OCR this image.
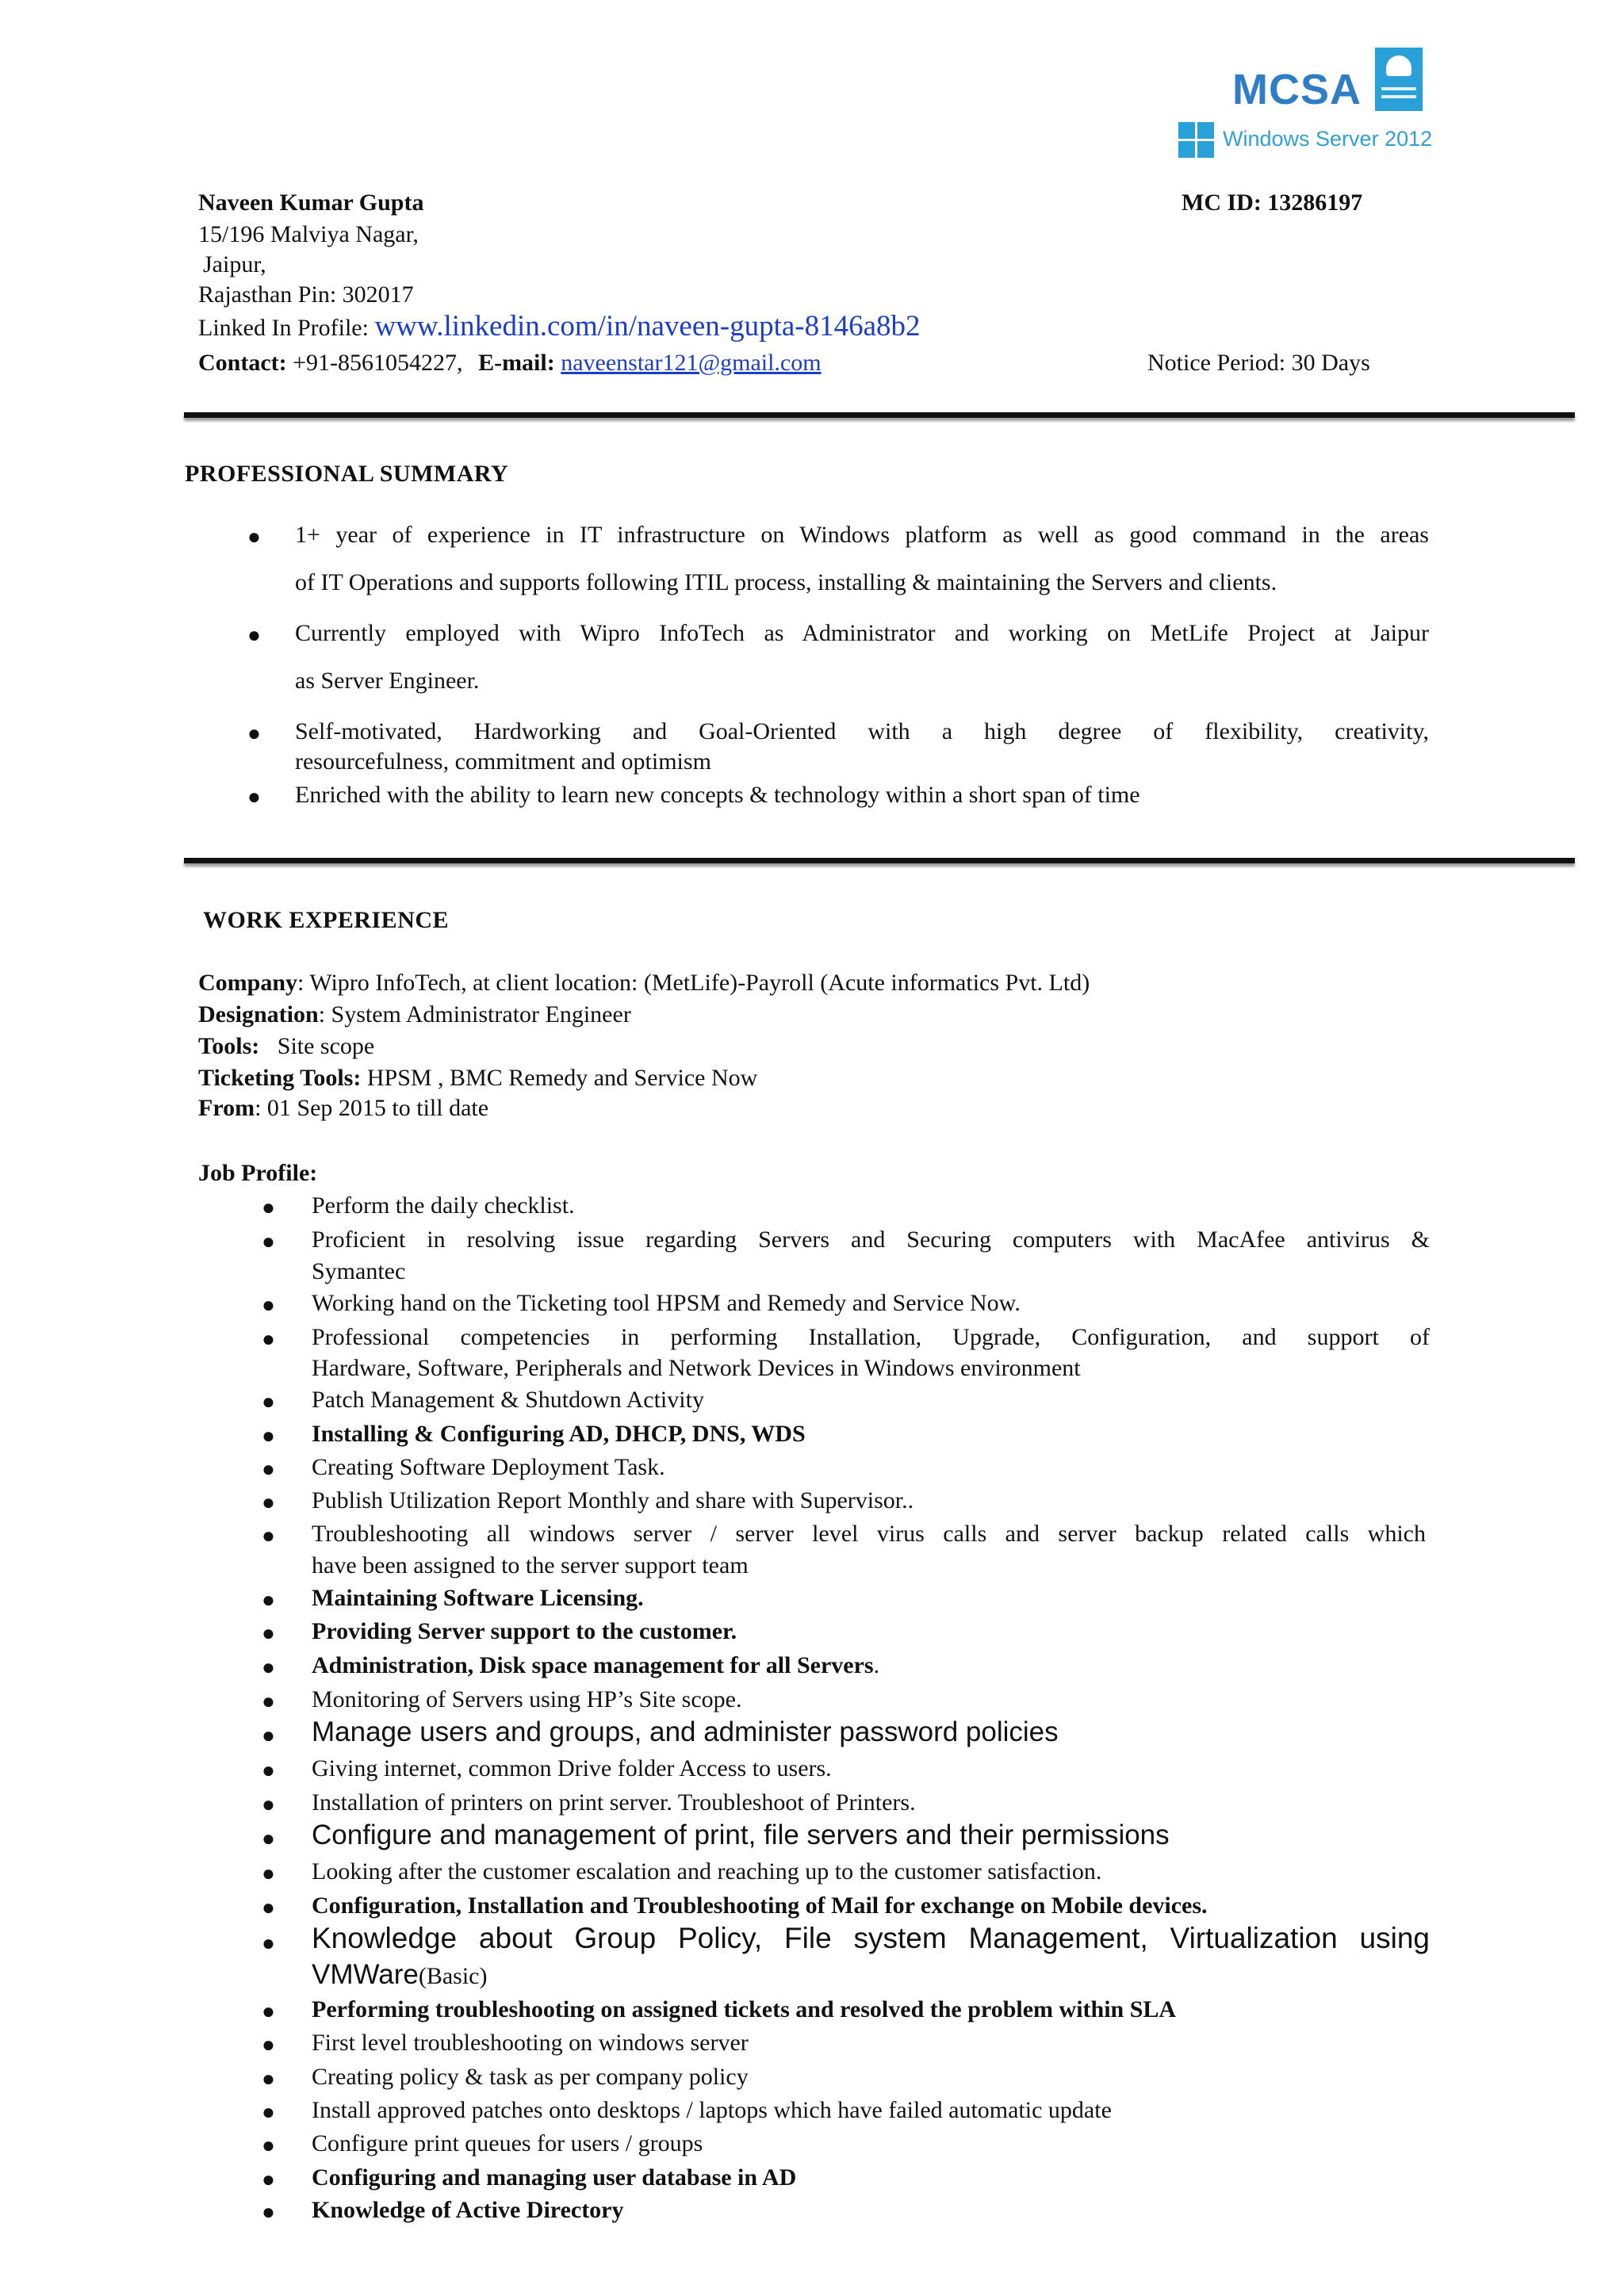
MCSA
Windows Server 2012
Naveen Kumar Gupta	MC ID: 13286197
15/196 Malviya Nagar,
Jaipur,
Rajasthan Pin: 302017
Linked In Profile: www.linkedin.com/in/naveen-gupta-8146a8b2
Contact: +91-8561054227, E-mail: naveenstar121@gmail.com	Notice Period: 30 Days
PROFESSIONAL SUMMARY
● 1+ year of experience in IT infrastructure on Windows platform as well as good command in the areas
of IT Operations and supports following ITIL process, installing & maintaining the Servers and clients.
● Currently employed with Wipro InfoTech as Administrator and working on MetLife Project at Jaipur
as Server Engineer.
● Self-motivated, Hardworking and Goal-Oriented with a high degree of flexibility, creativity,
resourcefulness, commitment and optimism
● Enriched with the ability to learn new concepts & technology within a short span of time
WORK EXPERIENCE
Company: Wipro InfoTech, at client location: (MetLife)-Payroll (Acute informatics Pvt. Ltd)
Designation: System Administrator Engineer
Tools: Site scope
Ticketing Tools: HPSM , BMC Remedy and Service Now
From: 01 Sep 2015 to till date
Job Profile:
● Perform the daily checklist.
● Proficient in resolving issue regarding Servers and Securing computers with MacAfee antivirus &
Symantec
● Working hand on the Ticketing tool HPSM and Remedy and Service Now.
● Professional competencies in performing Installation, Upgrade, Configuration, and support of
Hardware, Software, Peripherals and Network Devices in Windows environment
● Patch Management & Shutdown Activity
● Installing & Configuring AD, DHCP, DNS, WDS
● Creating Software Deployment Task.
● Publish Utilization Report Monthly and share with Supervisor..
● Troubleshooting all windows server / server level virus calls and server backup related calls which
have been assigned to the server support team
● Maintaining Software Licensing.
● Providing Server support to the customer.
● Administration, Disk space management for all Servers.
● Monitoring of Servers using HP’s Site scope.
● Manage users and groups, and administer password policies
● Giving internet, common Drive folder Access to users.
● Installation of printers on print server. Troubleshoot of Printers.
● Configure and management of print, file servers and their permissions
● Looking after the customer escalation and reaching up to the customer satisfaction.
● Configuration, Installation and Troubleshooting of Mail for exchange on Mobile devices.
● Knowledge about Group Policy, File system Management, Virtualization using
VMWare(Basic)
● Performing troubleshooting on assigned tickets and resolved the problem within SLA
● First level troubleshooting on windows server
● Creating policy & task as per company policy
● Install approved patches onto desktops / laptops which have failed automatic update
● Configure print queues for users / groups
● Configuring and managing user database in AD
● Knowledge of Active Directory
